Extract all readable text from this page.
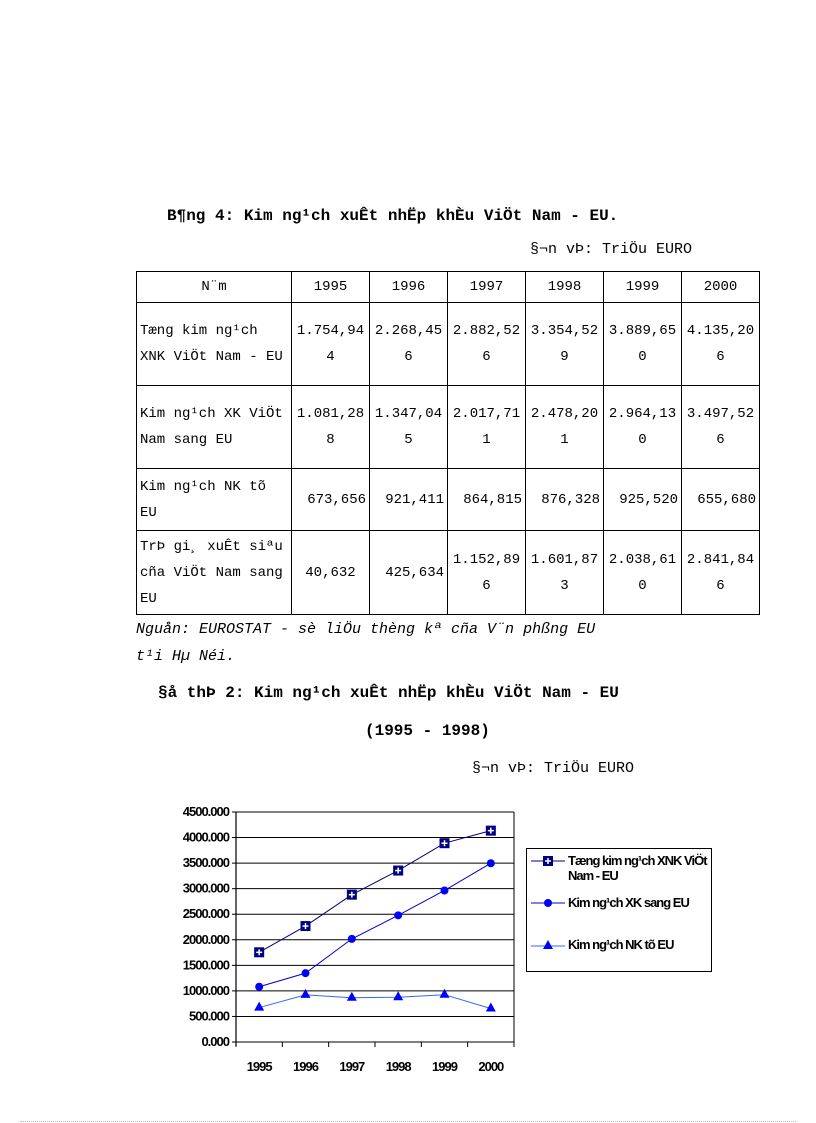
B¶ng 4: Kim ng¹ch xuÊt nhËp khÈu ViÖt Nam - EU.
§¬n vÞ: TriÖu EURO
N¨m	1995	1996	1997	1998	1999	2000
Tæng kim ng¹ch XNK ViÖt Nam - EU	1.754,944	2.268,456	2.882,526	3.354,529	3.889,650	4.135,206
Kim ng¹ch XK ViÖt Nam sang EU	1.081,288	1.347,045	2.017,711	2.478,201	2.964,130	3.497,526
Kim ng¹ch NK tõ EU	673,656	921,411	864,815	876,328	925,520	655,680
TrÞ gi¸ xuÊt siªu cña ViÖt Nam sang EU	40,632	425,634	1.152,896	1.601,873	2.038,610	2.841,846
Nguån: EUROSTAT - sè liÖu thèng kª cña V¨n phßng EU
t¹i Hµ Néi.
§å thÞ 2: Kim ng¹ch xuÊt nhËp khÈu ViÖt Nam - EU
(1995 - 1998)
§¬n vÞ: TriÖu EURO
0.000
500.000
1000.000
1500.000
2000.000
2500.000
3000.000
3500.000
4000.000
4500.000
1995 1996 1997 1998 1999 2000
Tæng kim ng¹ch XNK ViÖt Nam - EU
Kim ng¹ch XK sang EU
Kim ng¹ch NK tõ EU
